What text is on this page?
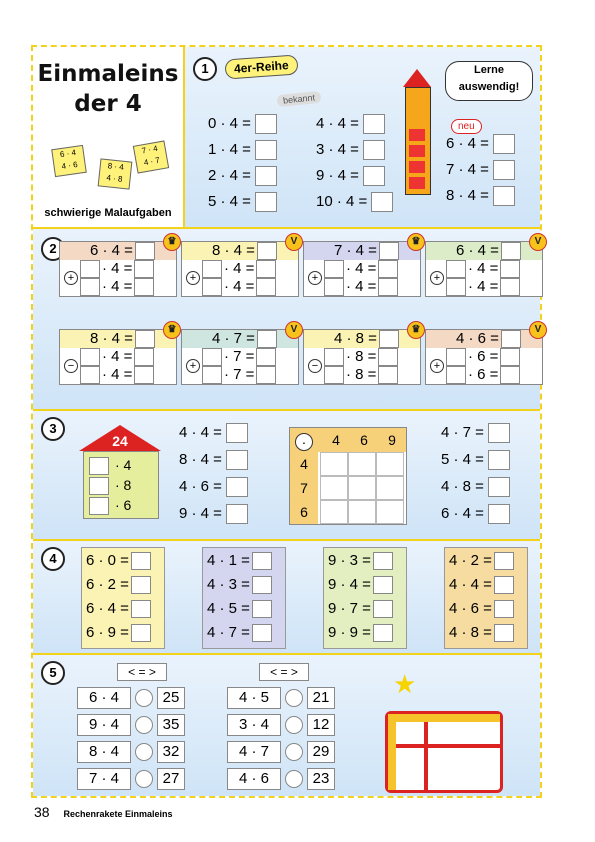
Einmaleins
der 4
6 · 4
4 · 6	8 · 4
4 · 8
7 · 4
4 · 7
schwierige Malaufgaben
1	4er-Reihe
bekannt
neu
Lerne auswendig!
0 · 4 =
1 · 4 =
2 · 4 =
5 · 4 =
4 · 4 =
3 · 4 =
9 · 4 =
10 · 4 =
6 · 4 =
7 · 4 =
8 · 4 =
2	6 · 4 =
· 4 =
· 4 =
+
♛
8 · 4 =
· 4 =
· 4 =
+
V
7 · 4 =
· 4 =
· 4 =
+
♛
6 · 4 =
· 4 =
· 4 =
+
V
8 · 4 =
· 4 =
· 4 =
−
♛
4 · 7 =
· 7 =
· 7 =
+
V
4 · 8 =
· 8 =
· 8 =
−
♛
4 · 6 =
· 6 =
· 6 =
+
V
3
24
· 4
· 8
· 6
4 · 4 =
8 · 4 =
4 · 6 =
9 · 4 =
·	4	6	9
4
7
6
4 · 7 =
5 · 4 =
4 · 8 =
6 · 4 =
4	6 · 0 =
6 · 2 =
6 · 4 =
6 · 9 =
4 · 1 =
4 · 3 =
4 · 5 =
4 · 7 =
9 · 3 =
9 · 4 =
9 · 7 =
9 · 9 =
4 · 2 =
4 · 4 =
4 · 6 =
4 · 8 =
5	< = >	< = >
6 · 4	25
9 · 4	35
8 · 4	32
7 · 4	27
4 · 5	21
3 · 4	12
4 · 7	29
4 · 6	23
★
38 Rechenrakete Einmaleins
